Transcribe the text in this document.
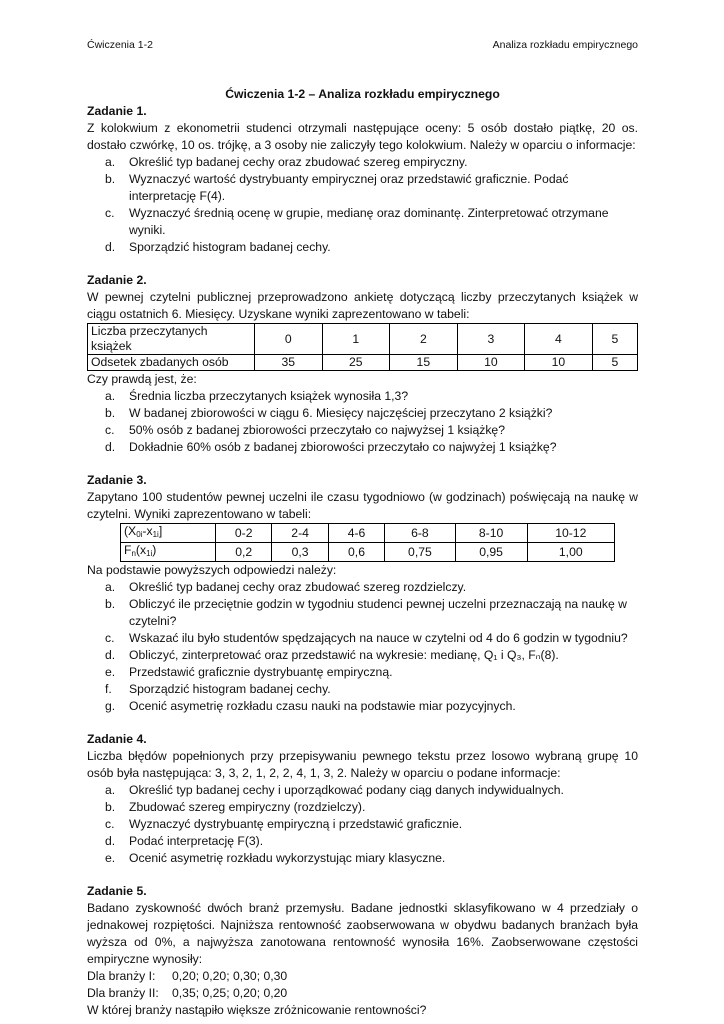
Ćwiczenia 1-2	Analiza rozkładu empirycznego
Ćwiczenia 1-2 – Analiza rozkładu empirycznego
Zadanie 1.

Z kolokwium z ekonometrii studenci otrzymali następujące oceny: 5 osób dostało piątkę, 20 os. dostało czwórkę, 10 os. trójkę, a 3 osoby nie zaliczyły tego kolokwium. Należy w oparciu o informacje:

a. Określić typ badanej cechy oraz zbudować szereg empiryczny.
b. Wyznaczyć wartość dystrybuanty empirycznej oraz przedstawić graficznie. Podać interpretację F(4).
c. Wyznaczyć średnią ocenę w grupie, medianę oraz dominantę. Zinterpretować otrzymane wyniki.
d. Sporządzić histogram badanej cechy.
Zadanie 2.

W pewnej czytelni publicznej przeprowadzono ankietę dotyczącą liczby przeczytanych książek w ciągu ostatnich 6. Miesięcy. Uzyskane wyniki zaprezentowano w tabeli:

Liczba przeczytanych książek	0	1	2	3	4	5
Odsetek zbadanych osób	35	25	15	10	10	5

Czy prawdą jest, że:

a. Średnia liczba przeczytanych książek wynosiła 1,3?
b. W badanej zbiorowości w ciągu 6. Miesięcy najczęściej przeczytano 2 książki?
c. 50% osób z badanej zbiorowości przeczytało co najwyżsej 1 książkę?
d. Dokładnie 60% osób z badanej zbiorowości przeczytało co najwyżej 1 książkę?
Zadanie 3.

Zapytano 100 studentów pewnej uczelni ile czasu tygodniowo (w godzinach) poświęcają na naukę w czytelni. Wyniki zaprezentowano w tabeli:

$(X_{0i}-x_{1i}]$	0-2	2-4	4-6	6-8	8-10	10-12
$F_n(x_{1i})$	0,2	0,3	0,6	0,75	0,95	1,00

Na podstawie powyższych odpowiedzi należy:

a. Określić typ badanej cechy oraz zbudować szereg rozdzielczy.
b. Obliczyć ile przeciętnie godzin w tygodniu studenci pewnej uczelni przeznaczają na naukę w czytelni?
c. Wskazać ilu było studentów spędzających na nauce w czytelni od 4 do 6 godzin w tygodniu?
d. Obliczyć, zinterpretować oraz przedstawić na wykresie: medianę, Q₁ i Q₃, Fₙ(8).
e. Przedstawić graficznie dystrybuantę empiryczną.
f. Sporządzić histogram badanej cechy.
g. Ocenić asymetrię rozkładu czasu nauki na podstawie miar pozycyjnych.
Zadanie 4.

Liczba błędów popełnionych przy przepisywaniu pewnego tekstu przez losowo wybraną grupę 10 osób była następująca: 3, 3, 2, 1, 2, 2, 4, 1, 3, 2. Należy w oparciu o podane informacje:

a. Określić typ badanej cechy i uporządkować podany ciąg danych indywidualnych.
b. Zbudować szereg empiryczny (rozdzielczy).
c. Wyznaczyć dystrybuantę empiryczną i przedstawić graficznie.
d. Podać interpretację F(3).
e. Ocenić asymetrię rozkładu wykorzystując miary klasyczne.
Zadanie 5.

Badano zyskowność dwóch branż przemysłu. Badane jednostki sklasyfikowano w 4 przedziały o jednakowej rozpiętości. Najniższa rentowność zaobserwowana w obydwu badanych branżach była wyższa od 0%, a najwyższa zanotowana rentowność wynosiła 16%. Zaobserwowane częstości empiryczne wynosiły:

Dla branży I:	0,20; 0,20; 0,30; 0,30
Dla branży II:	0,35; 0,25; 0,20; 0,20

W której branży nastąpiło większe zróżnicowanie rentowności?
